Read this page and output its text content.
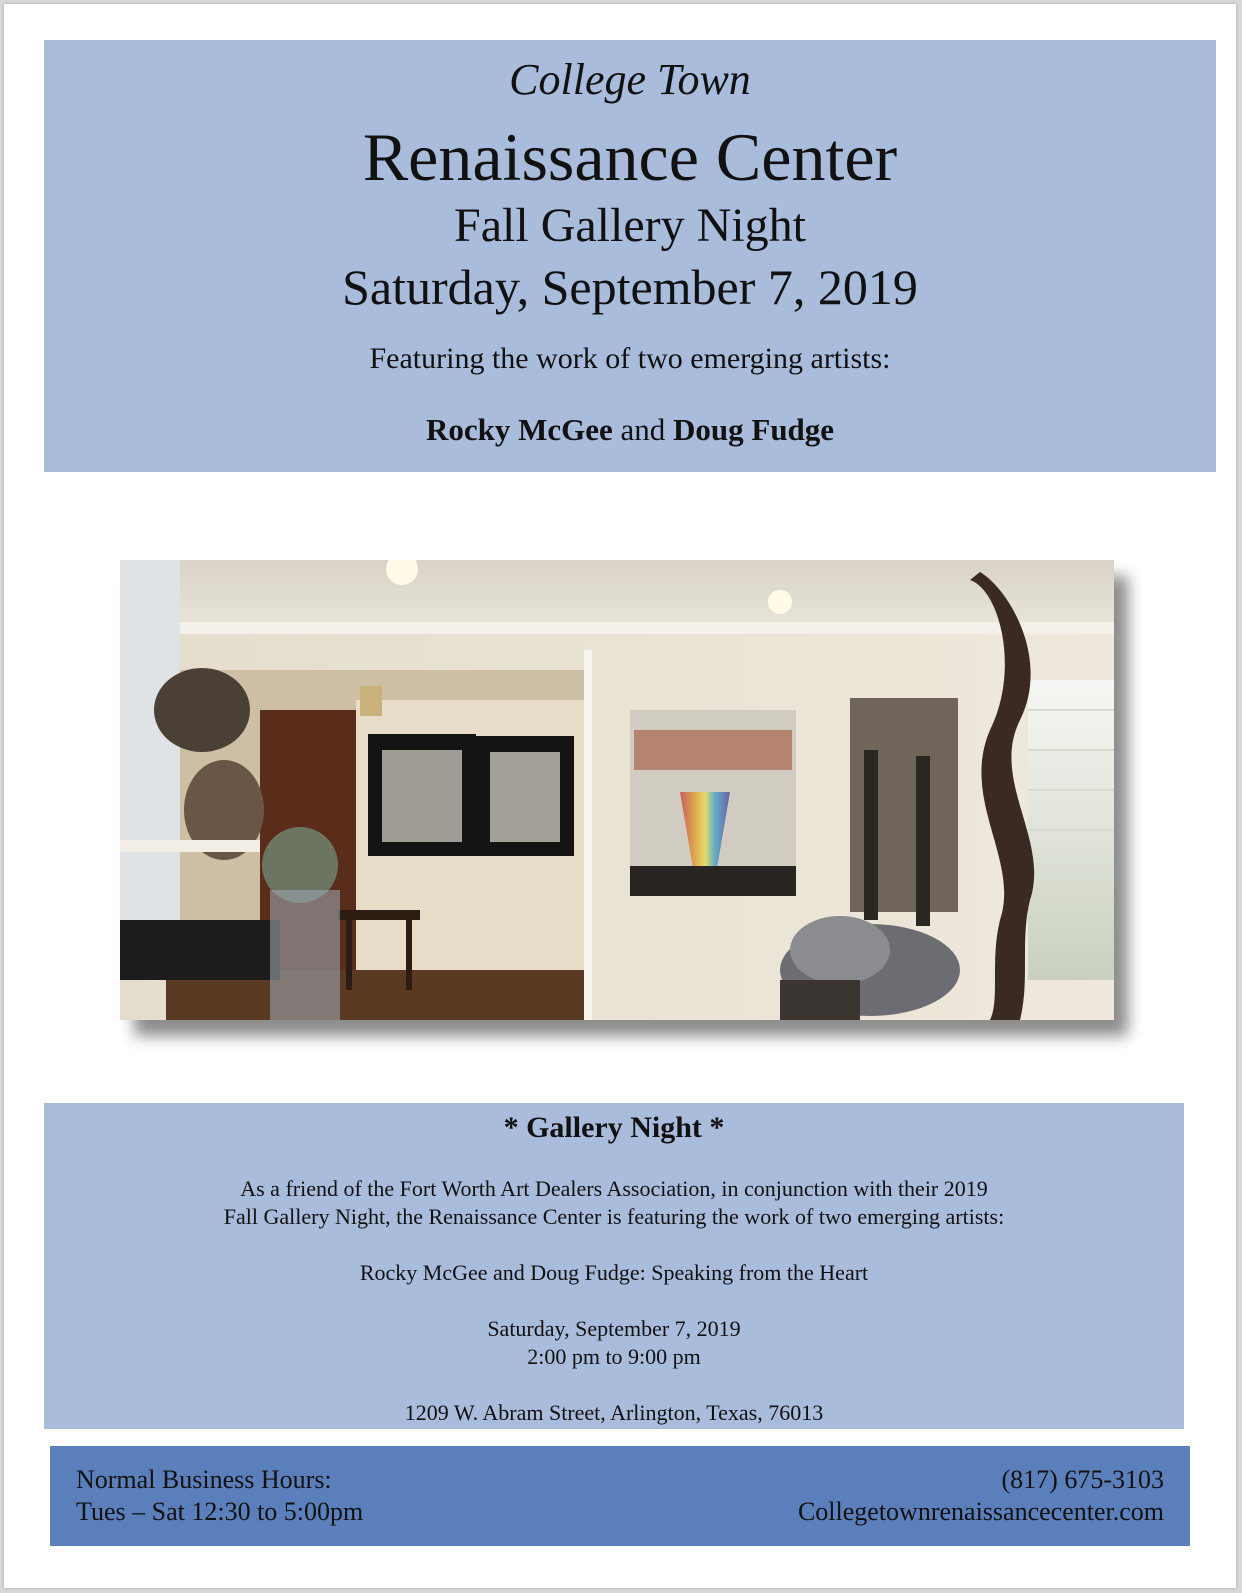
College Town
Renaissance Center
Fall Gallery Night
Saturday, September 7, 2019
Featuring the work of two emerging artists:
Rocky McGee and Doug Fudge
* Gallery Night *
As a friend of the Fort Worth Art Dealers Association, in conjunction with their 2019
Fall Gallery Night, the Renaissance Center is featuring the work of two emerging artists:
Rocky McGee and Doug Fudge: Speaking from the Heart
Saturday, September 7, 2019
2:00 pm to 9:00 pm
1209 W. Abram Street, Arlington, Texas, 76013
Normal Business Hours:
Tues – Sat 12:30 to 5:00pm
(817) 675-3103
Collegetownrenaissancecenter.com
